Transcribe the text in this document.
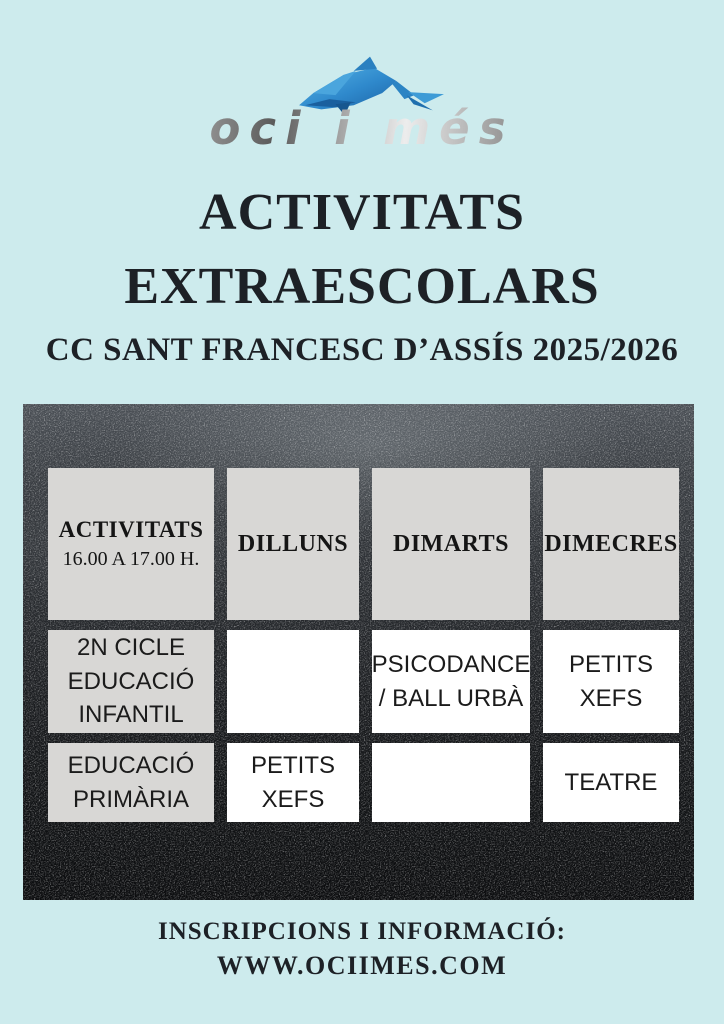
oci i més
ACTIVITATS
EXTRAESCOLARS
CC SANT FRANCESC D’ASSÍS 2025/2026
ACTIVITATS
16.00 A 17.00 H.
DILLUNS DIMARTS DIMECRES
2N CICLE EDUCACIÓ INFANTIL
PSICODANCE / BALL URBÀ
PETITS XEFS
EDUCACIÓ PRIMÀRIA
PETITS XEFS
TEATRE
INSCRIPCIONS I INFORMACIÓ:
WWW.OCIIMES.COM
